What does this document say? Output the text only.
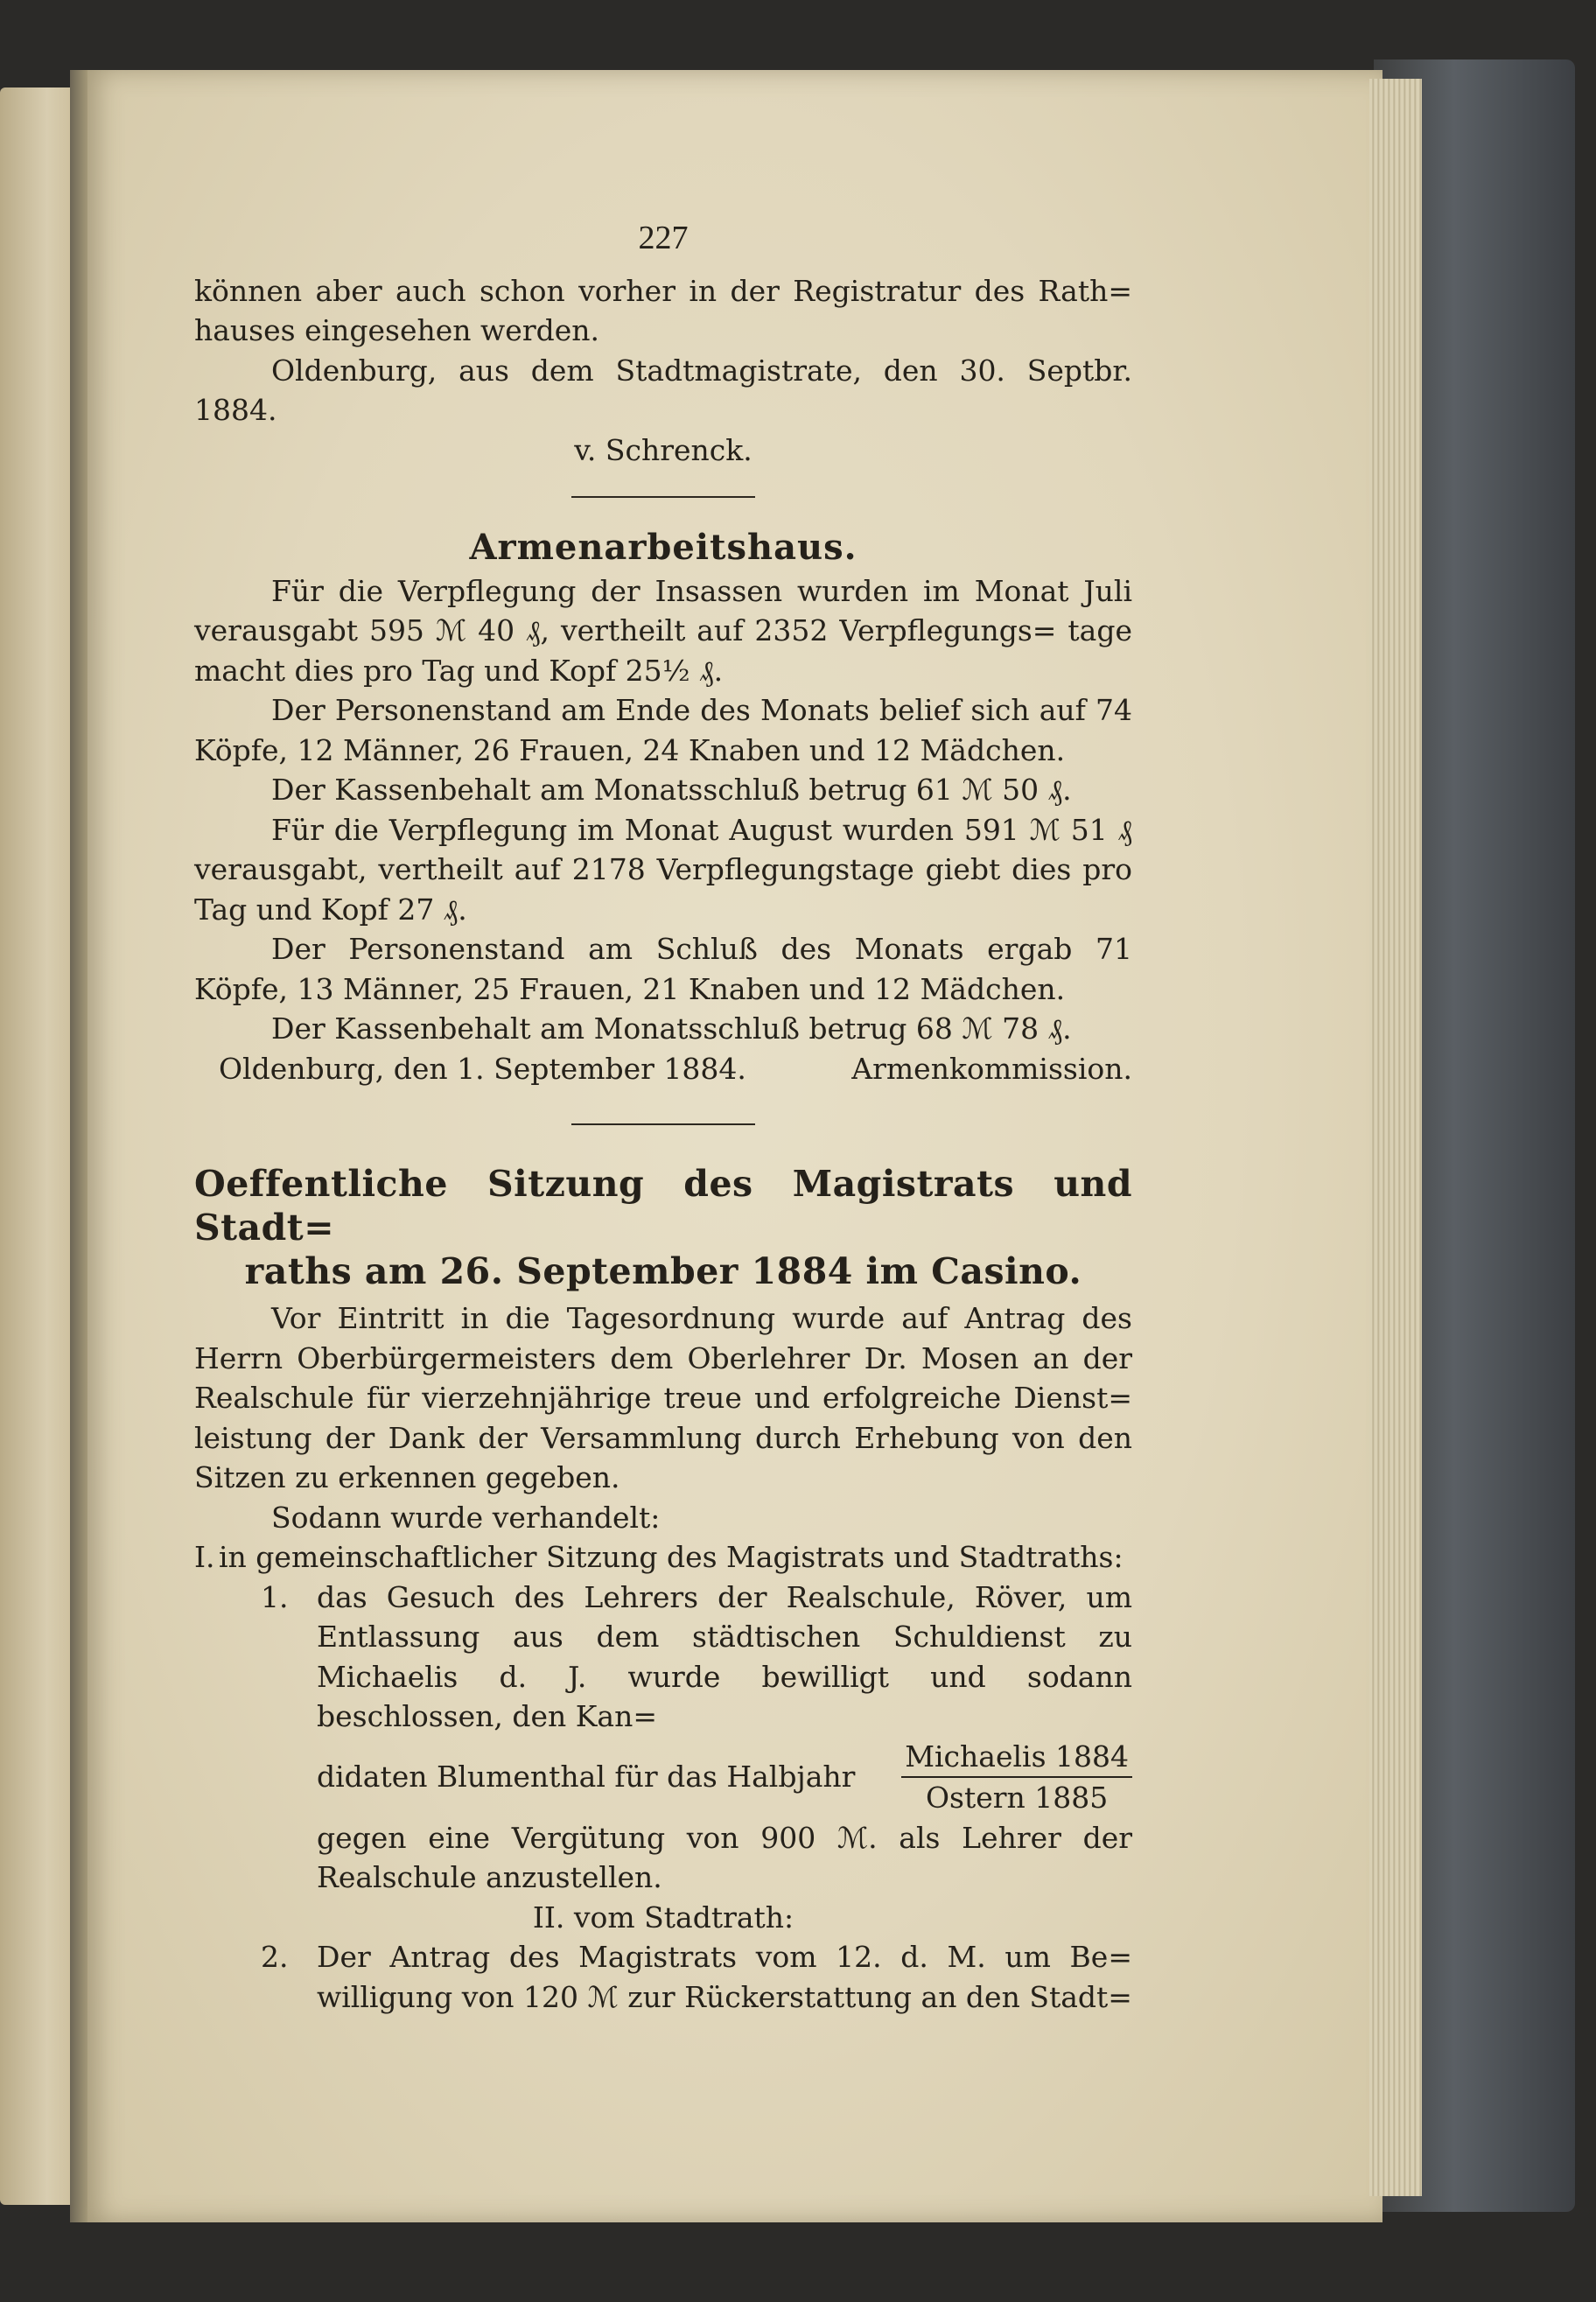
227

können aber auch schon vorher in der Registratur des Rath=

hauses eingesehen werden.

Oldenburg, aus dem Stadtmagistrate, den 30. Septbr. 1884.

v. Schrenck.

Armenarbeitshaus.

Für die Verpflegung der Insassen wurden im Monat Juli verausgabt 595 ℳ 40 ₰, vertheilt auf 2352 Verpflegungs= tage macht dies pro Tag und Kopf 25½ ₰.

Der Personenstand am Ende des Monats belief sich auf 74 Köpfe, 12 Männer, 26 Frauen, 24 Knaben und 12 Mädchen.

Der Kassenbehalt am Monatsschluß betrug 61 ℳ 50 ₰.

Für die Verpflegung im Monat August wurden 591 ℳ 51 ₰ verausgabt, vertheilt auf 2178 Verpflegungstage giebt dies pro Tag und Kopf 27 ₰.

Der Personenstand am Schluß des Monats ergab 71 Köpfe, 13 Männer, 25 Frauen, 21 Knaben und 12 Mädchen.

Der Kassenbehalt am Monatsschluß betrug 68 ℳ 78 ₰.

Oldenburg, den 1. September 1884.	Armenkommission.
Oeffentliche Sitzung des Magistrats und Stadt=
raths am 26. September 1884 im Casino.

Vor Eintritt in die Tagesordnung wurde auf Antrag des Herrn Oberbürgermeisters dem Oberlehrer Dr. Mosen an der Realschule für vierzehnjährige treue und erfolgreiche Dienst= leistung der Dank der Versammlung durch Erhebung von den Sitzen zu erkennen gegeben.

Sodann wurde verhandelt:

I. in gemeinschaftlicher Sitzung des Magistrats und Stadtraths:
1. das Gesuch des Lehrers der Realschule, Röver, um Entlassung aus dem städtischen Schuldienst zu Michaelis d. J. wurde bewilligt und sodann beschlossen, den Kan=
didaten Blumenthal für das Halbjahr $\frac{\text{Michaelis 1884}}{\text{Ostern 1885}}$
gegen eine Vergütung von 900 ℳ. als Lehrer der Realschule anzustellen.
II. vom Stadtrath:
2. Der Antrag des Magistrats vom 12. d. M. um Be= willigung von 120 ℳ zur Rückerstattung an den Stadt=
